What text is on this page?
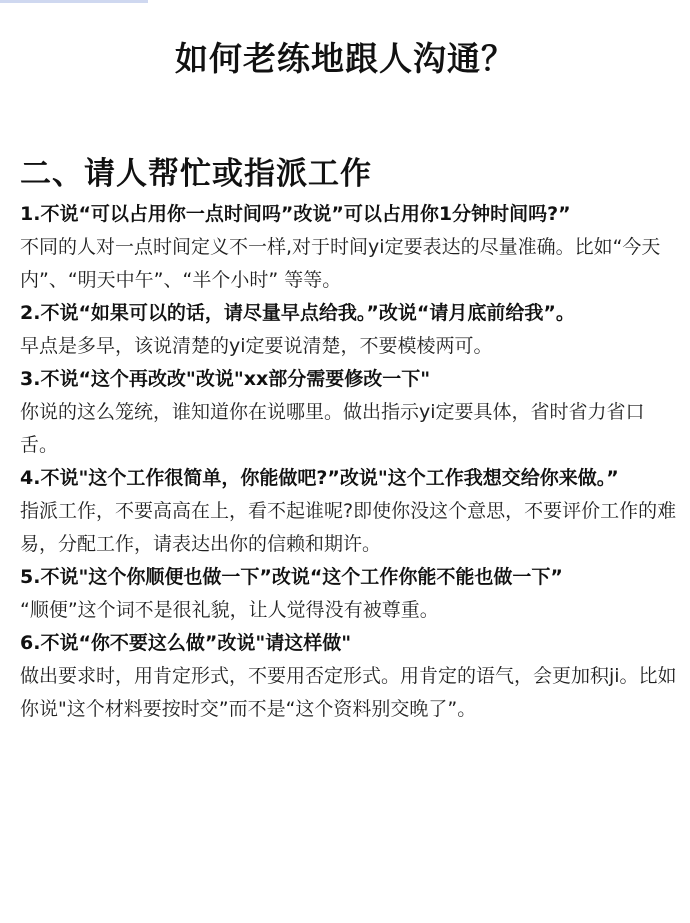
如何老练地跟人沟通？
二、请人帮忙或指派工作

1.不说“可以占用你一点时间吗”改说”可以占用你1分钟时间吗?”

不同的人对一点时间定义不一样,对于时间yi定要表达的尽量准确。比如“今天内”、“明天中午”、“半个小时” 等等。

2.不说“如果可以的话，请尽量早点给我。”改说“请月底前给我”。

早点是多早，该说清楚的yi定要说清楚，不要模棱两可。

3.不说“这个再改改"改说"xx部分需要修改一下"

你说的这么笼统，谁知道你在说哪里。做出指示yi定要具体，省时省力省口舌。

4.不说"这个工作很简单，你能做吧?”改说"这个工作我想交给你来做。”

指派工作，不要高高在上，看不起谁呢?即使你没这个意思，不要评价工作的难易，分配工作，请表达出你的信赖和期许。

5.不说"这个你顺便也做一下”改说“这个工作你能不能也做一下”

“顺便”这个词不是很礼貌，让人觉得没有被尊重。

6.不说“你不要这么做”改说"请这样做"

做出要求时，用肯定形式，不要用否定形式。用肯定的语气，会更加积ji。比如你说"这个材料要按时交”而不是“这个资料别交晚了”。
